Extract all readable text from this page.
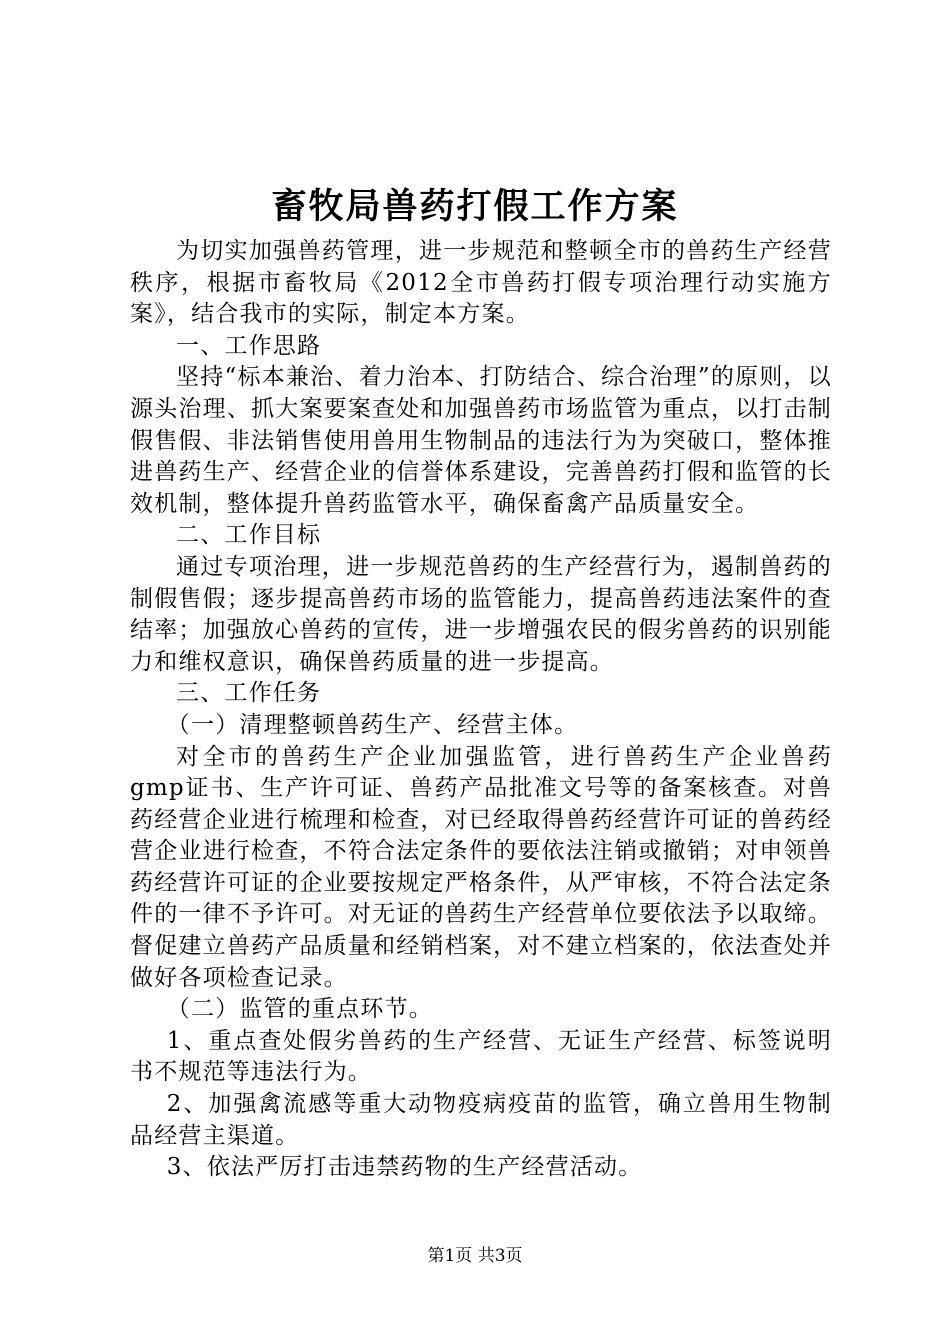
畜牧局兽药打假工作方案

为切实加强兽药管理，进一步规范和整顿全市的兽药生产经营秩序，根据市畜牧局《2012全市兽药打假专项治理行动实施方案》，结合我市的实际，制定本方案。

一、工作思路

坚持“标本兼治、着力治本、打防结合、综合治理”的原则，以源头治理、抓大案要案查处和加强兽药市场监管为重点，以打击制假售假、非法销售使用兽用生物制品的违法行为为突破口，整体推进兽药生产、经营企业的信誉体系建设，完善兽药打假和监管的长效机制，整体提升兽药监管水平，确保畜禽产品质量安全。

二、工作目标

通过专项治理，进一步规范兽药的生产经营行为，遏制兽药的制假售假；逐步提高兽药市场的监管能力，提高兽药违法案件的查结率；加强放心兽药的宣传，进一步增强农民的假劣兽药的识别能力和维权意识，确保兽药质量的进一步提高。

三、工作任务

（一）清理整顿兽药生产、经营主体。

对全市的兽药生产企业加强监管，进行兽药生产企业兽药gmp证书、生产许可证、兽药产品批准文号等的备案核查。对兽药经营企业进行梳理和检查，对已经取得兽药经营许可证的兽药经营企业进行检查，不符合法定条件的要依法注销或撤销；对申领兽药经营许可证的企业要按规定严格条件，从严审核，不符合法定条件的一律不予许可。对无证的兽药生产经营单位要依法予以取缔。督促建立兽药产品质量和经销档案，对不建立档案的，依法查处并做好各项检查记录。

（二）监管的重点环节。

1、重点查处假劣兽药的生产经营、无证生产经营、标签说明书不规范等违法行为。

2、加强禽流感等重大动物疫病疫苗的监管，确立兽用生物制品经营主渠道。

3、依法严厉打击违禁药物的生产经营活动。

第1页 共3页
